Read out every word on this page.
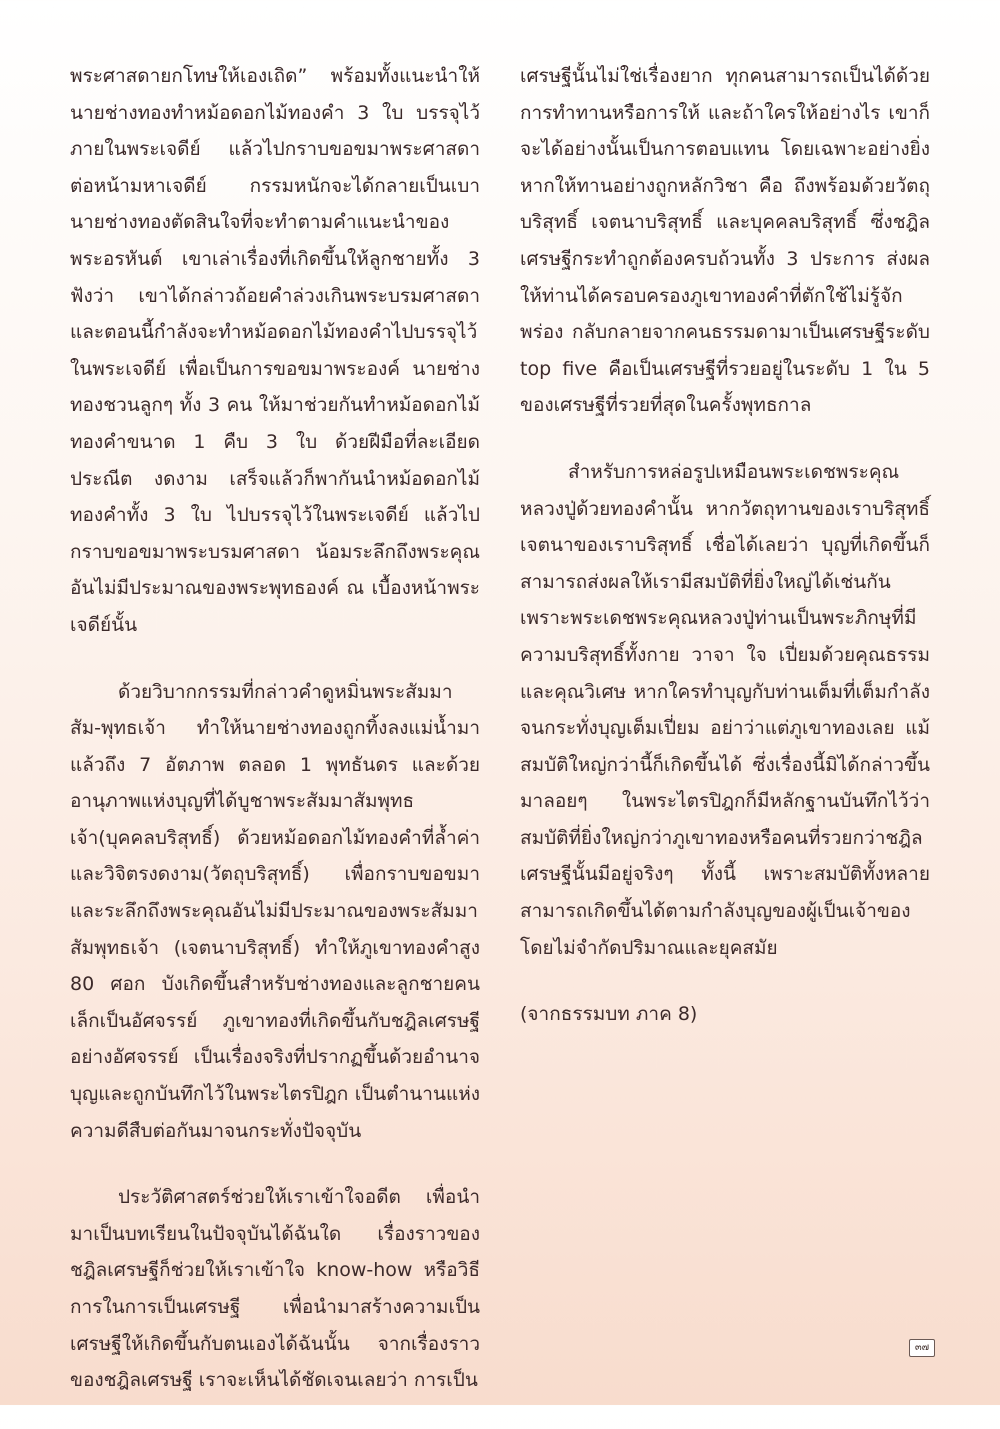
พระศาสดายกโทษให้เองเถิด” พร้อมทั้งแนะนำให้นายช่างทองทำหม้อดอกไม้ทองคำ 3 ใบ บรรจุไว้ภายในพระเจดีย์ แล้วไปกราบขอขมาพระศาสดาต่อหน้ามหาเจดีย์ กรรมหนักจะได้กลายเป็นเบา นายช่างทองตัดสินใจที่จะทำตามคำแนะนำของพระอรหันต์ เขาเล่าเรื่องที่เกิดขึ้นให้ลูกชายทั้ง 3 ฟังว่า เขาได้กล่าวถ้อยคำล่วงเกินพระบรมศาสดา และตอนนี้กำลังจะทำหม้อดอกไม้ทองคำไปบรรจุไว้ในพระเจดีย์ เพื่อเป็นการขอขมาพระองค์ นายช่างทองชวนลูกๆ ทั้ง 3 คน ให้มาช่วยกันทำหม้อดอกไม้ทองคำขนาด 1 คืบ 3 ใบ ด้วยฝีมือที่ละเอียดประณีต งดงาม เสร็จแล้วก็พากันนำหม้อดอกไม้ทองคำทั้ง 3 ใบ ไปบรรจุไว้ในพระเจดีย์ แล้วไปกราบขอขมาพระบรมศาสดา น้อมระลึกถึงพระคุณอันไม่มีประมาณของพระพุทธองค์ ณ เบื้องหน้าพระเจดีย์นั้น

ด้วยวิบากกรรมที่กล่าวคำดูหมิ่นพระสัมมาสัม-พุทธเจ้า ทำให้นายช่างทองถูกทิ้งลงแม่น้ำมาแล้วถึง 7 อัตภาพ ตลอด 1 พุทธันดร และด้วยอานุภาพแห่งบุญที่ได้บูชาพระสัมมาสัมพุทธเจ้า(บุคคลบริสุทธิ์) ด้วยหม้อดอกไม้ทองคำที่ล้ำค่าและวิจิตรงดงาม(วัตถุบริสุทธิ์) เพื่อกราบขอขมาและระลึกถึงพระคุณอันไม่มีประมาณของพระสัมมาสัมพุทธเจ้า (เจตนาบริสุทธิ์) ทำให้ภูเขาทองคำสูง 80 ศอก บังเกิดขึ้นสำหรับช่างทองและลูกชายคนเล็กเป็นอัศจรรย์ ภูเขาทองที่เกิดขึ้นกับชฎิลเศรษฐีอย่างอัศจรรย์ เป็นเรื่องจริงที่ปรากฏขึ้นด้วยอำนาจบุญและถูกบันทึกไว้ในพระไตรปิฎก เป็นตำนานแห่งความดีสืบต่อกันมาจนกระทั่งปัจจุบัน

ประวัติศาสตร์ช่วยให้เราเข้าใจอดีต เพื่อนำมาเป็นบทเรียนในปัจจุบันได้ฉันใด เรื่องราวของชฎิลเศรษฐีก็ช่วยให้เราเข้าใจ know-how หรือวิธีการในการเป็นเศรษฐี เพื่อนำมาสร้างความเป็นเศรษฐีให้เกิดขึ้นกับตนเองได้ฉันนั้น จากเรื่องราวของชฎิลเศรษฐี เราจะเห็นได้ชัดเจนเลยว่า การเป็น

เศรษฐีนั้นไม่ใช่เรื่องยาก ทุกคนสามารถเป็นได้ด้วยการทำทานหรือการให้ และถ้าใครให้อย่างไร เขาก็จะได้อย่างนั้นเป็นการตอบแทน โดยเฉพาะอย่างยิ่งหากให้ทานอย่างถูกหลักวิชา คือ ถึงพร้อมด้วยวัตถุบริสุทธิ์ เจตนาบริสุทธิ์ และบุคคลบริสุทธิ์ ซึ่งชฎิลเศรษฐีกระทำถูกต้องครบถ้วนทั้ง 3 ประการ ส่งผลให้ท่านได้ครอบครองภูเขาทองคำที่ตักใช้ไม่รู้จักพร่อง กลับกลายจากคนธรรมดามาเป็นเศรษฐีระดับ top five คือเป็นเศรษฐีที่รวยอยู่ในระดับ 1 ใน 5 ของเศรษฐีที่รวยที่สุดในครั้งพุทธกาล

สำหรับการหล่อรูปเหมือนพระเดชพระคุณหลวงปู่ด้วยทองคำนั้น หากวัตถุทานของเราบริสุทธิ์ เจตนาของเราบริสุทธิ์ เชื่อได้เลยว่า บุญที่เกิดขึ้นก็สามารถส่งผลให้เรามีสมบัติที่ยิ่งใหญ่ได้เช่นกัน เพราะพระเดชพระคุณหลวงปู่ท่านเป็นพระภิกษุที่มีความบริสุทธิ์ทั้งกาย วาจา ใจ เปี่ยมด้วยคุณธรรมและคุณวิเศษ หากใครทำบุญกับท่านเต็มที่เต็มกำลังจนกระทั่งบุญเต็มเปี่ยม อย่าว่าแต่ภูเขาทองเลย แม้สมบัติใหญ่กว่านี้ก็เกิดขึ้นได้ ซึ่งเรื่องนี้มิได้กล่าวขึ้นมาลอยๆ ในพระไตรปิฎกก็มีหลักฐานบันทึกไว้ว่า สมบัติที่ยิ่งใหญ่กว่าภูเขาทองหรือคนที่รวยกว่าชฎิลเศรษฐีนั้นมีอยู่จริงๆ ทั้งนี้ เพราะสมบัติทั้งหลายสามารถเกิดขึ้นได้ตามกำลังบุญของผู้เป็นเจ้าของ โดยไม่จำกัดปริมาณและยุคสมัย

(จากธรรมบท ภาค 8)

๓๗
